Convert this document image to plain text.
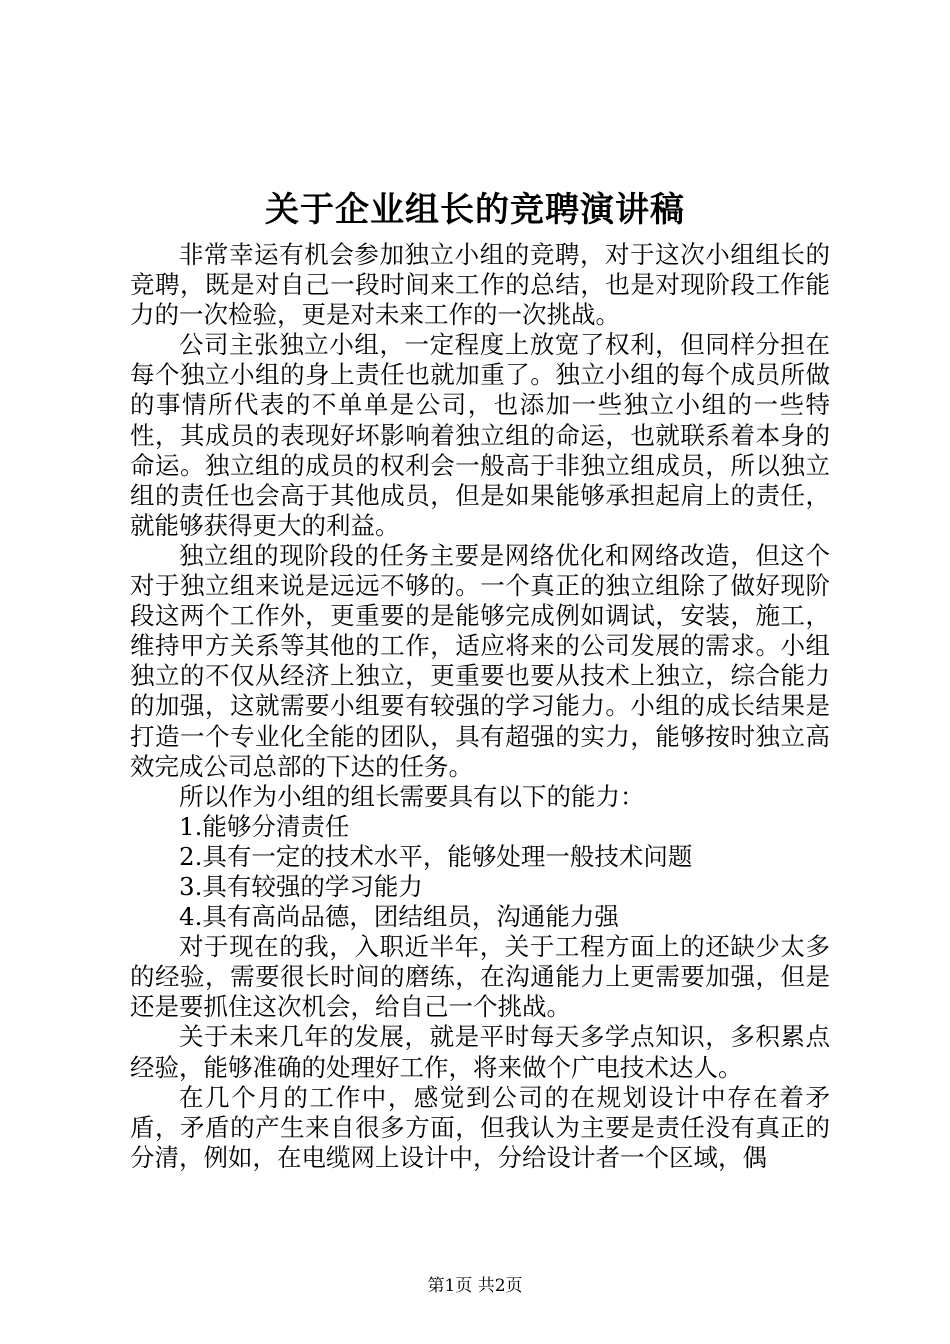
关于企业组长的竞聘演讲稿

非常幸运有机会参加独立小组的竞聘，对于这次小组组长的竞聘，既是对自己一段时间来工作的总结，也是对现阶段工作能力的一次检验，更是对未来工作的一次挑战。

公司主张独立小组，一定程度上放宽了权利，但同样分担在每个独立小组的身上责任也就加重了。独立小组的每个成员所做的事情所代表的不单单是公司，也添加一些独立小组的一些特性，其成员的表现好坏影响着独立组的命运，也就联系着本身的命运。独立组的成员的权利会一般高于非独立组成员，所以独立组的责任也会高于其他成员，但是如果能够承担起肩上的责任，就能够获得更大的利益。

独立组的现阶段的任务主要是网络优化和网络改造，但这个对于独立组来说是远远不够的。一个真正的独立组除了做好现阶段这两个工作外，更重要的是能够完成例如调试，安装，施工，维持甲方关系等其他的工作，适应将来的公司发展的需求。小组独立的不仅从经济上独立，更重要也要从技术上独立，综合能力的加强，这就需要小组要有较强的学习能力。小组的成长结果是打造一个专业化全能的团队，具有超强的实力，能够按时独立高效完成公司总部的下达的任务。

所以作为小组的组长需要具有以下的能力：

1.能够分清责任

2.具有一定的技术水平，能够处理一般技术问题

3.具有较强的学习能力

4.具有高尚品德，团结组员，沟通能力强

对于现在的我，入职近半年，关于工程方面上的还缺少太多的经验，需要很长时间的磨练，在沟通能力上更需要加强，但是还是要抓住这次机会，给自己一个挑战。

关于未来几年的发展，就是平时每天多学点知识，多积累点经验，能够准确的处理好工作，将来做个广电技术达人。

在几个月的工作中，感觉到公司的在规划设计中存在着矛盾，矛盾的产生来自很多方面，但我认为主要是责任没有真正的分清，例如，在电缆网上设计中，分给设计者一个区域，偶

第1页 共2页
